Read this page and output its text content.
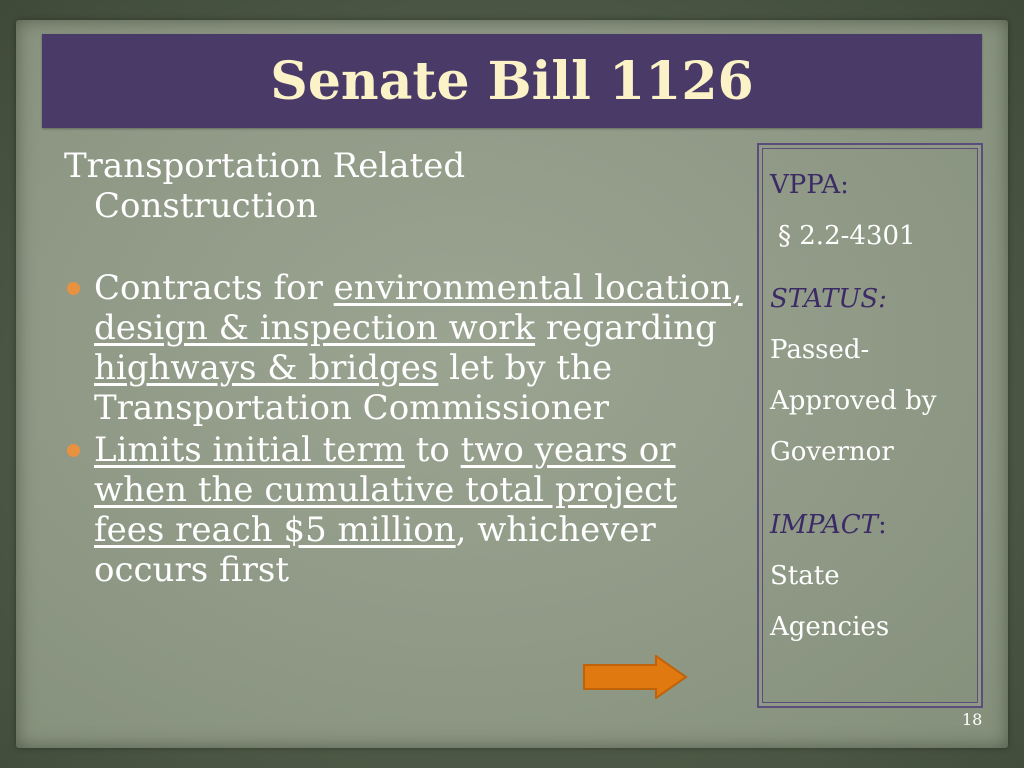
Senate Bill 1126

Transportation Related
Construction

Contracts for environmental location, design & inspection work regarding highways & bridges let by the Transportation Commissioner
Limits initial term to two years or when the cumulative total project fees reach $5 million, whichever occurs first
VPPA:
§ 2.2-4301
STATUS:
Passed-
Approved by
Governor
IMPACT:
State
Agencies
18
